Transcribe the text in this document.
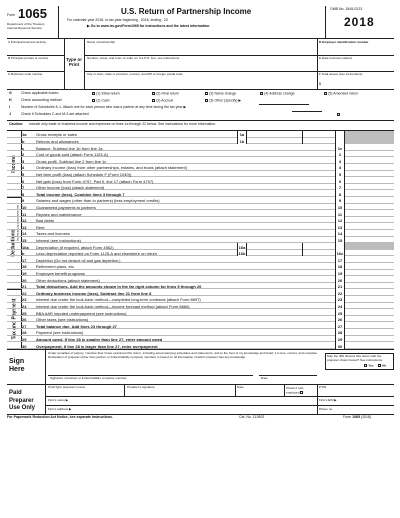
Form 1065
Department of the Treasury
Internal Revenue Service
U.S. Return of Partnership Income
For calendar year 2018, or tax year beginning , 2018, ending , 20
▶ Go to www.irs.gov/Form1065 for instructions and the latest information.
OMB No. 1545-0123
2018
A Principal business activity
B Principal product or service
C Business code number
Type or Print
Name of partnership
Number, street, and room or suite no. If a P.O. box, see instructions.
City or town, state or province, country, and ZIP or foreign postal code
D Employer identification number
E Date business started
F Total assets (see instructions)
$
G	Check applicable boxes:	(1) Initial return	(2) Final return	(3) Name change	(4) Address change	(5) Amended return
H	Check accounting method:	(1) Cash	(2) Accrual	(3) Other (specify) ▶
I	Number of Schedules K-1. Attach one for each person who was a partner at any time during the tax year ▶
J	Check if Schedules C and M-3 are attached
Caution: Include only trade or business income and expenses on lines 1a through 22 below. See instructions for more information.
Income
Deductions
(see instructions for limitations)
Tax and Payment
1a	Gross receipts or sales	1a
b	Returns and allowances	1b
c	Balance. Subtract line 1b from line 1a	1c
2	Cost of goods sold (attach Form 1125-A)	2
3	Gross profit. Subtract line 2 from line 1c	3
4	Ordinary income (loss) from other partnerships, estates, and trusts (attach statement)	4
5	Net farm profit (loss) (attach Schedule F (Form 1040))	5
6	Net gain (loss) from Form 4797, Part II, line 17 (attach Form 4797)	6
7	Other income (loss) (attach statement)	7
8	Total income (loss). Combine lines 3 through 7	8
9	Salaries and wages (other than to partners) (less employment credits)	9
10	Guaranteed payments to partners	10
11	Repairs and maintenance	11
12	Bad debts	12
13	Rent	13
14	Taxes and licenses	14
15	Interest (see instructions)	15
16a	Depreciation (if required, attach Form 4562)	16a
b	Less depreciation reported on Form 1125-A and elsewhere on return	16b	16c
17	Depletion (Do not deduct oil and gas depletion.)	17
18	Retirement plans, etc.	18
19	Employee benefit programs	19
20	Other deductions (attach statement)	20
21	Total deductions. Add the amounts shown in the far right column for lines 9 through 20	21
22	Ordinary business income (loss). Subtract line 21 from line 8	22
23	Interest due under the look-back method—completed long-term contracts (attach Form 8697)	23
24	Interest due under the look-back method—income forecast method (attach Form 8866)	24
25	BBA AAR imputed underpayment (see instructions)	25
26	Other taxes (see instructions)	26
27	Total balance due. Add lines 23 through 27	27
28	Payment (see instructions)	28
29	Amount owed. If line 28 is smaller than line 27, enter amount owed	29
30	Overpayment. If line 28 is larger than line 27, enter overpayment	30
Sign Here
Under penalties of perjury, I declare that I have examined this return, including accompanying schedules and statements, and to the best of my knowledge and belief, it is true, correct, and complete. Declaration of preparer (other than partner or limited liability company member) is based on all information of which preparer has any knowledge.
Signature of partner or limited liability company member	Date
May the IRS discuss this return with the preparer shown below? See instructions.
Yes	No
Paid Preparer Use Only
Print/Type preparer's name	Preparer's signature	Date	Check if self-employed
PTIN
Firm's name ▶	Firm's EIN ▶
Firm's address ▶	Phone no.
For Paperwork Reduction Act Notice, see separate instructions.	Cat. No. 11390Z	Form 1065 (2018)
